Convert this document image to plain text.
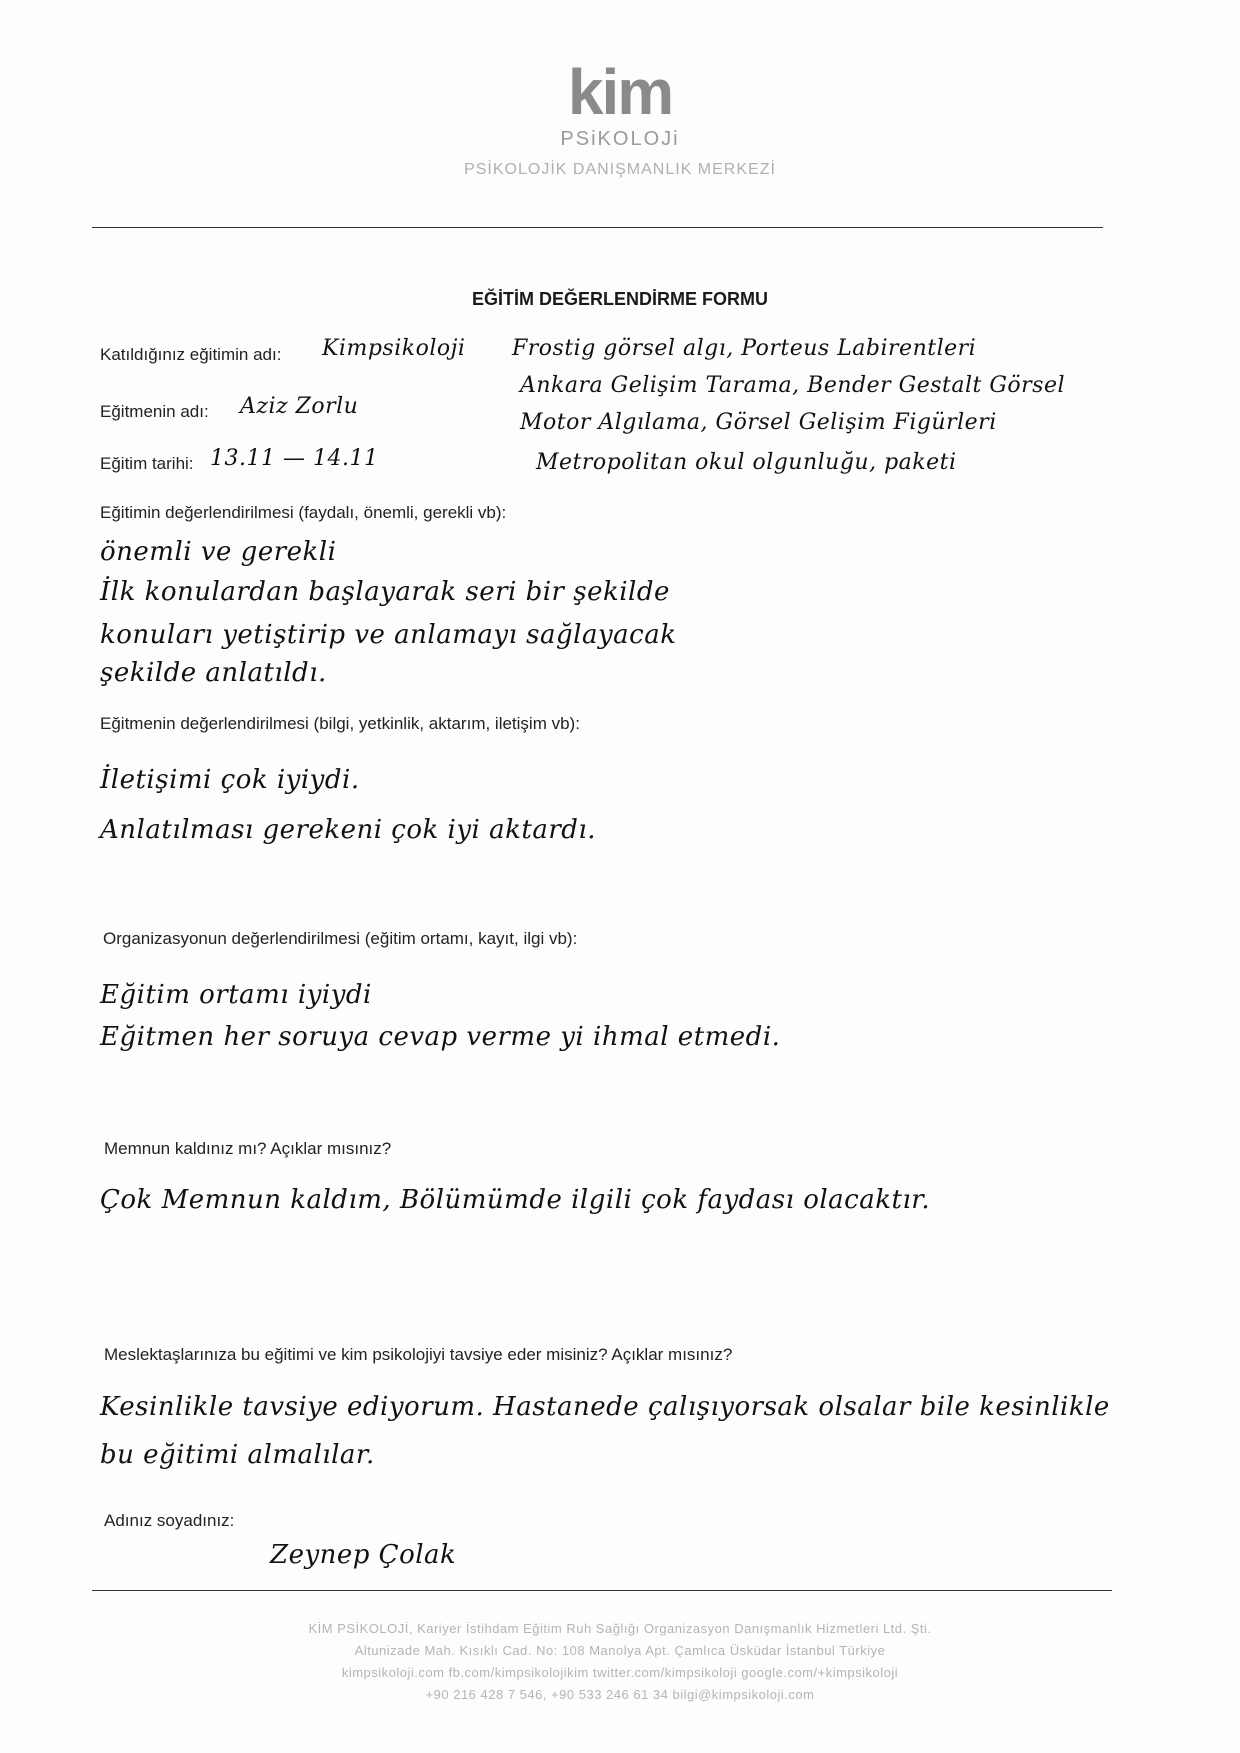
kim
PSiKOLOJi
PSİKOLOJİK DANIŞMANLIK MERKEZİ
EĞİTİM DEĞERLENDİRME FORMU
Katıldığınız eğitimin adı: Kimpsikoloji
Eğitmenin adı: Aziz Zorlu
Eğitim tarihi: 13.11 — 14.11
Frostig görsel algı, Porteus Labirentleri
Ankara Gelişim Tarama, Bender Gestalt Görsel
Motor Algılama, Görsel Gelişim Figürleri
Metropolitan okul olgunluğu, paketi
Eğitimin değerlendirilmesi (faydalı, önemli, gerekli vb):
önemli ve gerekli
İlk konulardan başlayarak seri bir şekilde
konuları yetiştirip ve anlamayı sağlayacak
şekilde anlatıldı.
Eğitmenin değerlendirilmesi (bilgi, yetkinlik, aktarım, iletişim vb):
İletişimi çok iyiydi.
Anlatılması gerekeni çok iyi aktardı.
Organizasyonun değerlendirilmesi (eğitim ortamı, kayıt, ilgi vb):
Eğitim ortamı iyiydi
Eğitmen her soruya cevap verme yi ihmal etmedi.
Memnun kaldınız mı? Açıklar mısınız?
Çok Memnun kaldım, Bölümümde ilgili çok faydası olacaktır.
Meslektaşlarınıza bu eğitimi ve kim psikolojiyi tavsiye eder misiniz? Açıklar mısınız?
Kesinlikle tavsiye ediyorum. Hastanede çalışıyorsak olsalar bile kesinlikle
bu eğitimi almalılar.
Adınız soyadınız:
Zeynep Çolak
KİM PSİKOLOJİ, Kariyer İstihdam Eğitim Ruh Sağlığı Organizasyon Danışmanlık Hizmetleri Ltd. Şti.
Altunizade Mah. Kısıklı Cad. No: 108 Manolya Apt. Çamlıca Üsküdar İstanbul Türkiye
kimpsikoloji.com fb.com/kimpsikolojikim twitter.com/kimpsikoloji google.com/+kimpsikoloji
+90 216 428 7 546, +90 533 246 61 34 bilgi@kimpsikoloji.com
